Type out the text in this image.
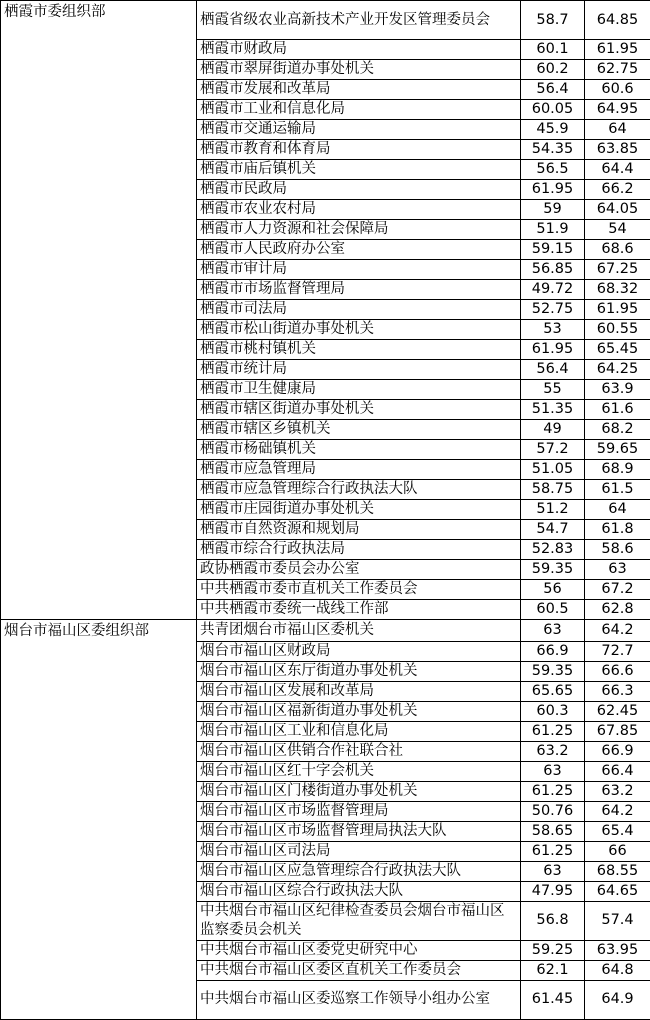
栖霞市委组织部	栖霞省级农业高新技术产业开发区管理委员会	58.7	64.85
	栖霞市财政局	60.1	61.95
	栖霞市翠屏街道办事处机关	60.2	62.75
	栖霞市发展和改革局	56.4	60.6
	栖霞市工业和信息化局	60.05	64.95
	栖霞市交通运输局	45.9	64
	栖霞市教育和体育局	54.35	63.85
	栖霞市庙后镇机关	56.5	64.4
	栖霞市民政局	61.95	66.2
	栖霞市农业农村局	59	64.05
	栖霞市人力资源和社会保障局	51.9	54
	栖霞市人民政府办公室	59.15	68.6
	栖霞市审计局	56.85	67.25
	栖霞市市场监督管理局	49.72	68.32
	栖霞市司法局	52.75	61.95
	栖霞市松山街道办事处机关	53	60.55
	栖霞市桃村镇机关	61.95	65.45
	栖霞市统计局	56.4	64.25
	栖霞市卫生健康局	55	63.9
	栖霞市辖区街道办事处机关	51.35	61.6
	栖霞市辖区乡镇机关	49	68.2
	栖霞市杨础镇机关	57.2	59.65
	栖霞市应急管理局	51.05	68.9
	栖霞市应急管理综合行政执法大队	58.75	61.5
	栖霞市庄园街道办事处机关	51.2	64
	栖霞市自然资源和规划局	54.7	61.8
	栖霞市综合行政执法局	52.83	58.6
	政协栖霞市委员会办公室	59.35	63
	中共栖霞市委市直机关工作委员会	56	67.2
	中共栖霞市委统一战线工作部	60.5	62.8
烟台市福山区委组织部	共青团烟台市福山区委机关	63	64.2
	烟台市福山区财政局	66.9	72.7
	烟台市福山区东厅街道办事处机关	59.35	66.6
	烟台市福山区发展和改革局	65.65	66.3
	烟台市福山区福新街道办事处机关	60.3	62.45
	烟台市福山区工业和信息化局	61.25	67.85
	烟台市福山区供销合作社联合社	63.2	66.9
	烟台市福山区红十字会机关	63	66.4
	烟台市福山区门楼街道办事处机关	61.25	63.2
	烟台市福山区市场监督管理局	50.76	64.2
	烟台市福山区市场监督管理局执法大队	58.65	65.4
	烟台市福山区司法局	61.25	66
	烟台市福山区应急管理综合行政执法大队	63	68.55
	烟台市福山区综合行政执法大队	47.95	64.65
	中共烟台市福山区纪律检查委员会烟台市福山区监察委员会机关	56.8	57.4
	中共烟台市福山区委党史研究中心	59.25	63.95
	中共烟台市福山区委区直机关工作委员会	62.1	64.8
	中共烟台市福山区委巡察工作领导小组办公室	61.45	64.9
